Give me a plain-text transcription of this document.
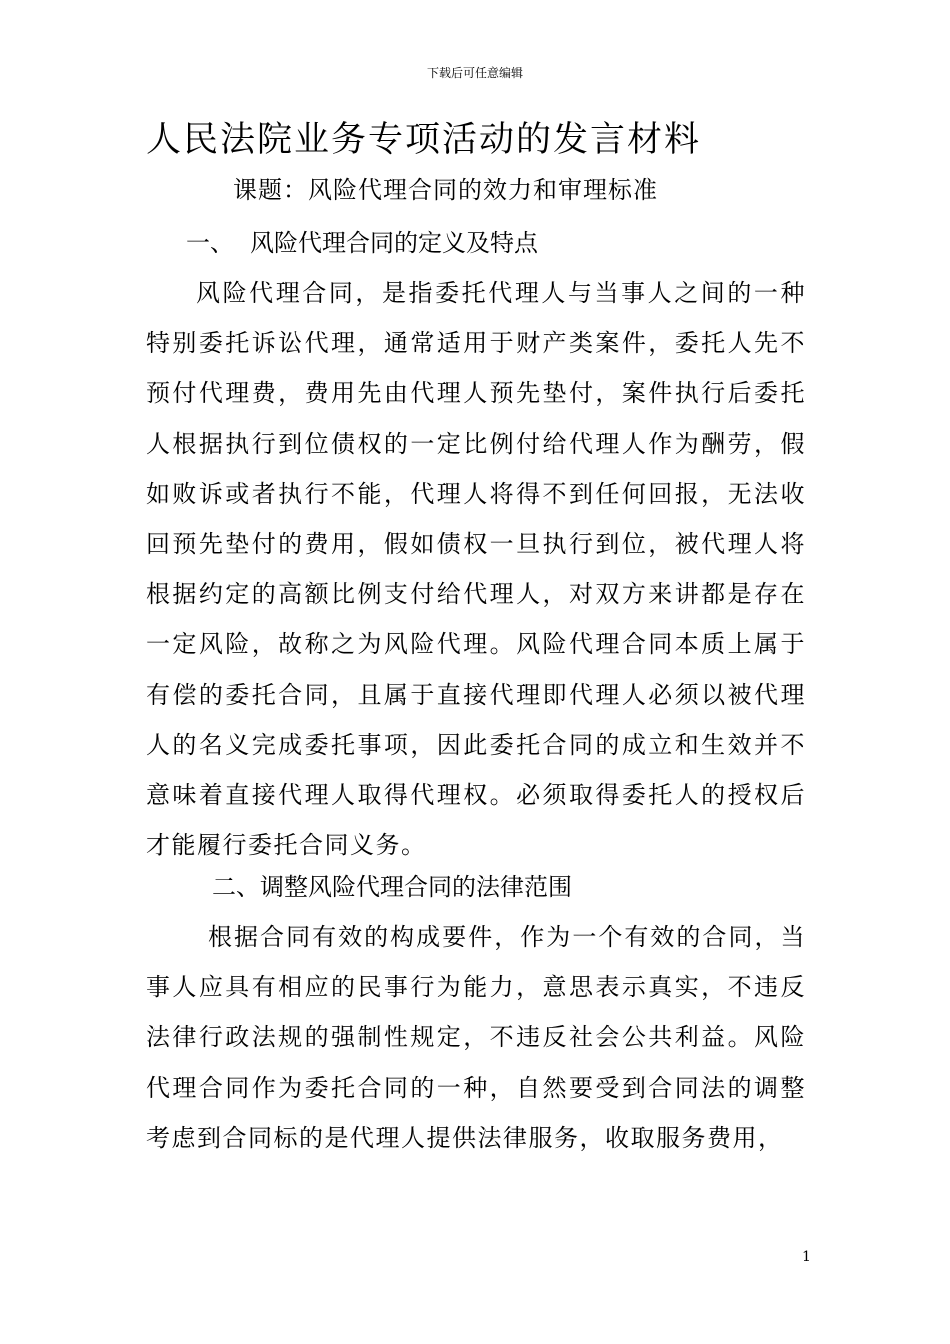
下载后可任意编辑
人民法院业务专项活动的发言材料
课题：风险代理合同的效力和审理标准
一、 风险代理合同的定义及特点
风险代理合同，是指委托代理人与当事人之间的一种特别委托诉讼代理，通常适用于财产类案件，委托人先不预付代理费，费用先由代理人预先垫付，案件执行后委托人根据执行到位债权的一定比例付给代理人作为酬劳，假如败诉或者执行不能，代理人将得不到任何回报，无法收回预先垫付的费用，假如债权一旦执行到位，被代理人将根据约定的高额比例支付给代理人，对双方来讲都是存在一定风险，故称之为风险代理。风险代理合同本质上属于有偿的委托合同，且属于直接代理即代理人必须以被代理人的名义完成委托事项，因此委托合同的成立和生效并不意味着直接代理人取得代理权。必须取得委托人的授权后才能履行委托合同义务。
二、调整风险代理合同的法律范围
根据合同有效的构成要件，作为一个有效的合同，当事人应具有相应的民事行为能力，意思表示真实，不违反法律行政法规的强制性规定，不违反社会公共利益。风险代理合同作为委托合同的一种，自然要受到合同法的调整考虑到合同标的是代理人提供法律服务，收取服务费用，
1
